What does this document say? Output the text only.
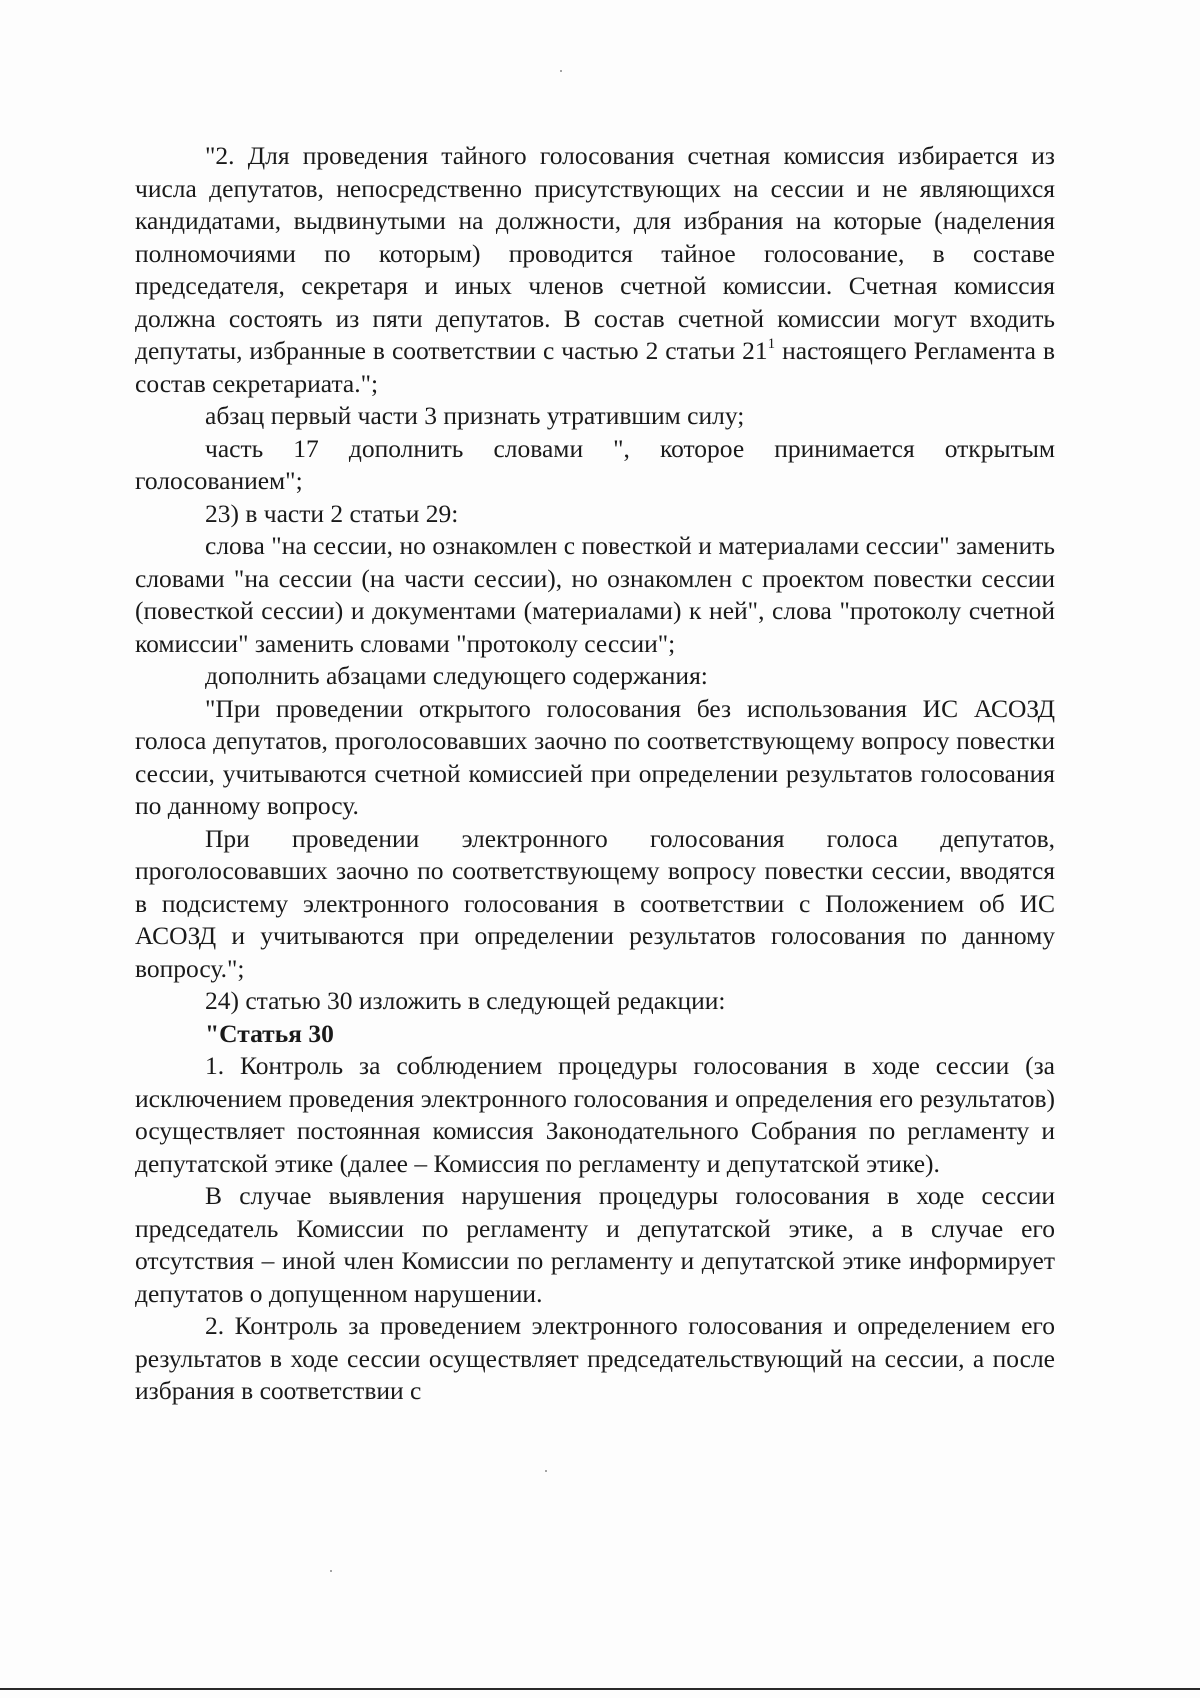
"2. Для проведения тайного голосования счетная комиссия избирается из числа депутатов, непосредственно присутствующих на сессии и не являющихся кандидатами, выдвинутыми на должности, для избрания на которые (наделения полномочиями по которым) проводится тайное голосование, в составе председателя, секретаря и иных членов счетной комиссии. Счетная комиссия должна состоять из пяти депутатов. В состав счетной комиссии могут входить депутаты, избранные в соответствии с частью 2 статьи $21^1$ настоящего Регламента в состав секретариата.";

абзац первый части 3 признать утратившим силу;

часть 17 дополнить словами ", которое принимается открытым голосованием";

23) в части 2 статьи 29:

слова "на сессии, но ознакомлен с повесткой и материалами сессии" заменить словами "на сессии (на части сессии), но ознакомлен с проектом повестки сессии (повесткой сессии) и документами (материалами) к ней", слова "протоколу счетной комиссии" заменить словами "протоколу сессии";

дополнить абзацами следующего содержания:

"При проведении открытого голосования без использования ИС АСОЗД голоса депутатов, проголосовавших заочно по соответствующему вопросу повестки сессии, учитываются счетной комиссией при определении результатов голосования по данному вопросу.

При проведении электронного голосования голоса депутатов, проголосовавших заочно по соответствующему вопросу повестки сессии, вводятся в подсистему электронного голосования в соответствии с Положением об ИС АСОЗД и учитываются при определении результатов голосования по данному вопросу.";

24) статью 30 изложить в следующей редакции:

"Статья 30

1. Контроль за соблюдением процедуры голосования в ходе сессии (за исключением проведения электронного голосования и определения его результатов) осуществляет постоянная комиссия Законодательного Собрания по регламенту и депутатской этике (далее – Комиссия по регламенту и депутатской этике).

В случае выявления нарушения процедуры голосования в ходе сессии председатель Комиссии по регламенту и депутатской этике, а в случае его отсутствия – иной член Комиссии по регламенту и депутатской этике информирует депутатов о допущенном нарушении.

2. Контроль за проведением электронного голосования и определением его результатов в ходе сессии осуществляет председательствующий на сессии, а после избрания в соответствии с
